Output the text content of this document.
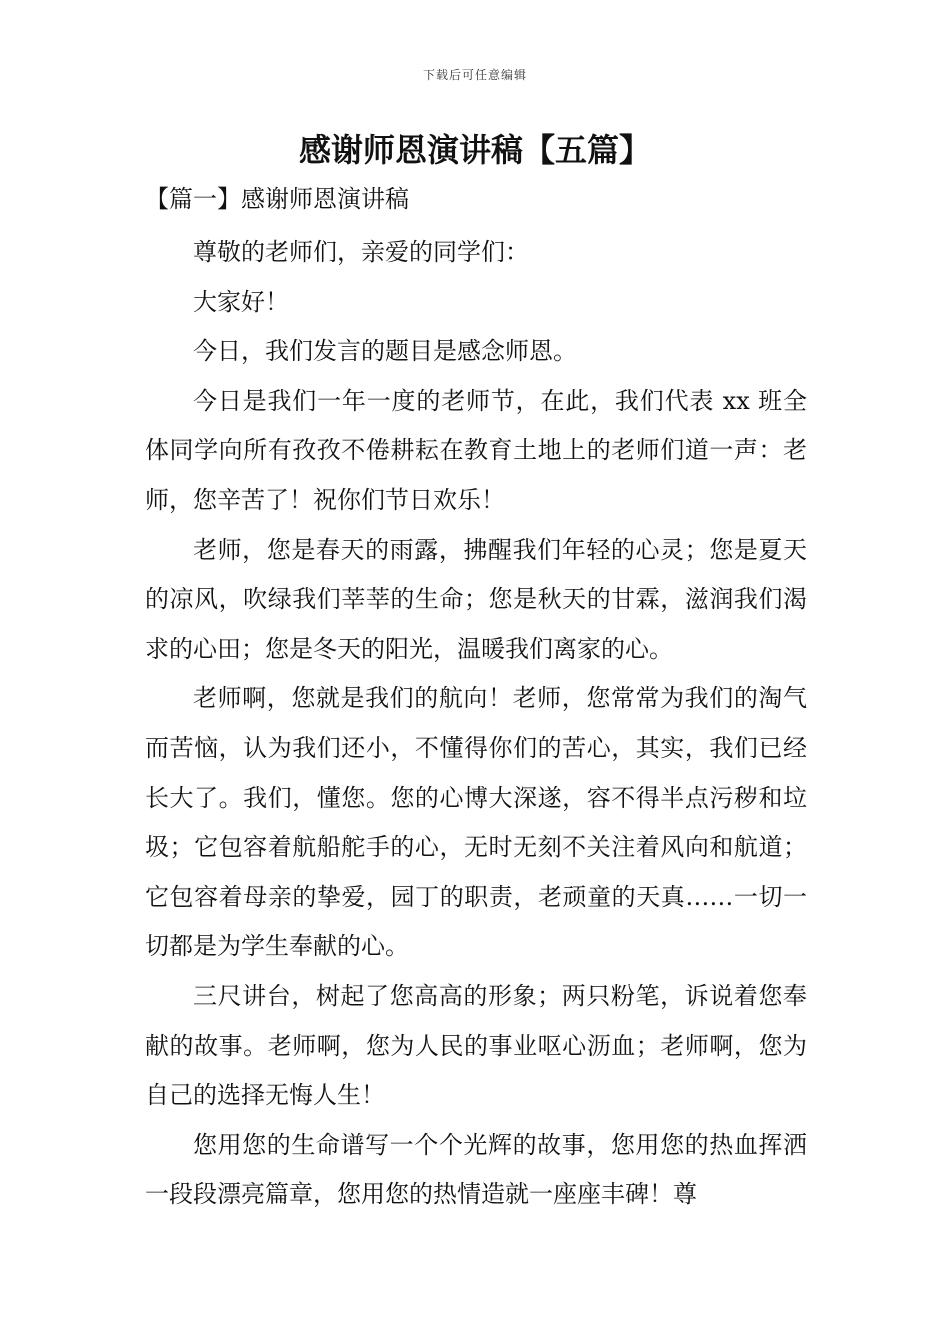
下载后可任意编辑
感谢师恩演讲稿【五篇】
【篇一】感谢师恩演讲稿

尊敬的老师们，亲爱的同学们：

大家好！

今日，我们发言的题目是感念师恩。

今日是我们一年一度的老师节，在此，我们代表 xx 班全体同学向所有孜孜不倦耕耘在教育土地上的老师们道一声：老师，您辛苦了！祝你们节日欢乐！

老师，您是春天的雨露，拂醒我们年轻的心灵；您是夏天的凉风，吹绿我们莘莘的生命；您是秋天的甘霖，滋润我们渴求的心田；您是冬天的阳光，温暖我们离家的心。

老师啊，您就是我们的航向！老师，您常常为我们的淘气而苦恼，认为我们还小，不懂得你们的苦心，其实，我们已经长大了。我们，懂您。您的心博大深遂，容不得半点污秽和垃圾；它包容着航船舵手的心，无时无刻不关注着风向和航道；它包容着母亲的挚爱，园丁的职责，老顽童的天真……一切一切都是为学生奉献的心。

三尺讲台，树起了您高高的形象；两只粉笔，诉说着您奉献的故事。老师啊，您为人民的事业呕心沥血；老师啊，您为自己的选择无悔人生！

您用您的生命谱写一个个光辉的故事，您用您的热血挥洒一段段漂亮篇章，您用您的热情造就一座座丰碑！尊
